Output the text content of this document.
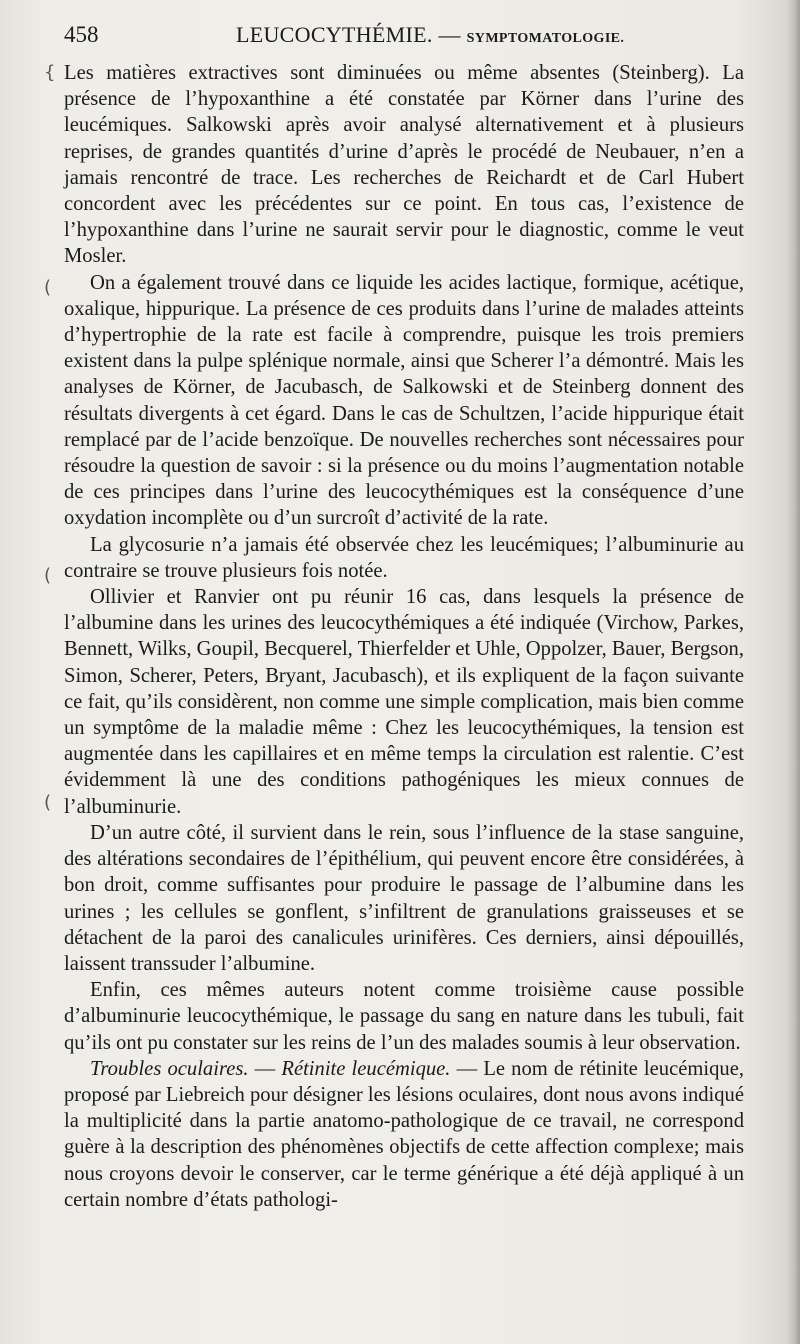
458	LEUCOCYTHÉMIE. — SYMPTOMATOLOGIE.
{
(
(
(

Les matières extractives sont diminuées ou même absentes (Steinberg). La présence de l’hypoxanthine a été constatée par Körner dans l’urine des leucémiques. Salkowski après avoir analysé alternativement et à plusieurs reprises, de grandes quantités d’urine d’après le procédé de Neubauer, n’en a jamais rencontré de trace. Les recherches de Reichardt et de Carl Hubert concordent avec les précédentes sur ce point. En tous cas, l’existence de l’hypoxanthine dans l’urine ne saurait servir pour le diagnostic, comme le veut Mosler.

On a également trouvé dans ce liquide les acides lactique, formique, acétique, oxalique, hippurique. La présence de ces produits dans l’urine de malades atteints d’hypertrophie de la rate est facile à comprendre, puisque les trois premiers existent dans la pulpe splénique normale, ainsi que Scherer l’a démontré. Mais les analyses de Körner, de Jacubasch, de Salkowski et de Steinberg donnent des résultats divergents à cet égard. Dans le cas de Schultzen, l’acide hippurique était remplacé par de l’acide benzoïque. De nouvelles recherches sont nécessaires pour résoudre la question de savoir : si la présence ou du moins l’augmentation notable de ces principes dans l’urine des leucocythémiques est la conséquence d’une oxydation incomplète ou d’un surcroît d’activité de la rate.

La glycosurie n’a jamais été observée chez les leucémiques; l’albuminurie au contraire se trouve plusieurs fois notée.

Ollivier et Ranvier ont pu réunir 16 cas, dans lesquels la présence de l’albumine dans les urines des leucocythémiques a été indiquée (Virchow, Parkes, Bennett, Wilks, Goupil, Becquerel, Thierfelder et Uhle, Oppolzer, Bauer, Bergson, Simon, Scherer, Peters, Bryant, Jacubasch), et ils expliquent de la façon suivante ce fait, qu’ils considèrent, non comme une simple complication, mais bien comme un symptôme de la maladie même : Chez les leucocythémiques, la tension est augmentée dans les capillaires et en même temps la circulation est ralentie. C’est évidemment là une des conditions pathogéniques les mieux connues de l’albuminurie.

D’un autre côté, il survient dans le rein, sous l’influence de la stase sanguine, des altérations secondaires de l’épithélium, qui peuvent encore être considérées, à bon droit, comme suffisantes pour produire le passage de l’albumine dans les urines ; les cellules se gonflent, s’infiltrent de granulations graisseuses et se détachent de la paroi des canalicules urinifères. Ces derniers, ainsi dépouillés, laissent transsuder l’albumine.

Enfin, ces mêmes auteurs notent comme troisième cause possible d’albuminurie leucocythémique, le passage du sang en nature dans les tubuli, fait qu’ils ont pu constater sur les reins de l’un des malades soumis à leur observation.

Troubles oculaires. — Rétinite leucémique. — Le nom de rétinite leucémique, proposé par Liebreich pour désigner les lésions oculaires, dont nous avons indiqué la multiplicité dans la partie anatomo-pathologique de ce travail, ne correspond guère à la description des phénomènes objectifs de cette affection complexe; mais nous croyons devoir le conserver, car le terme générique a été déjà appliqué à un certain nombre d’états pathologi-
